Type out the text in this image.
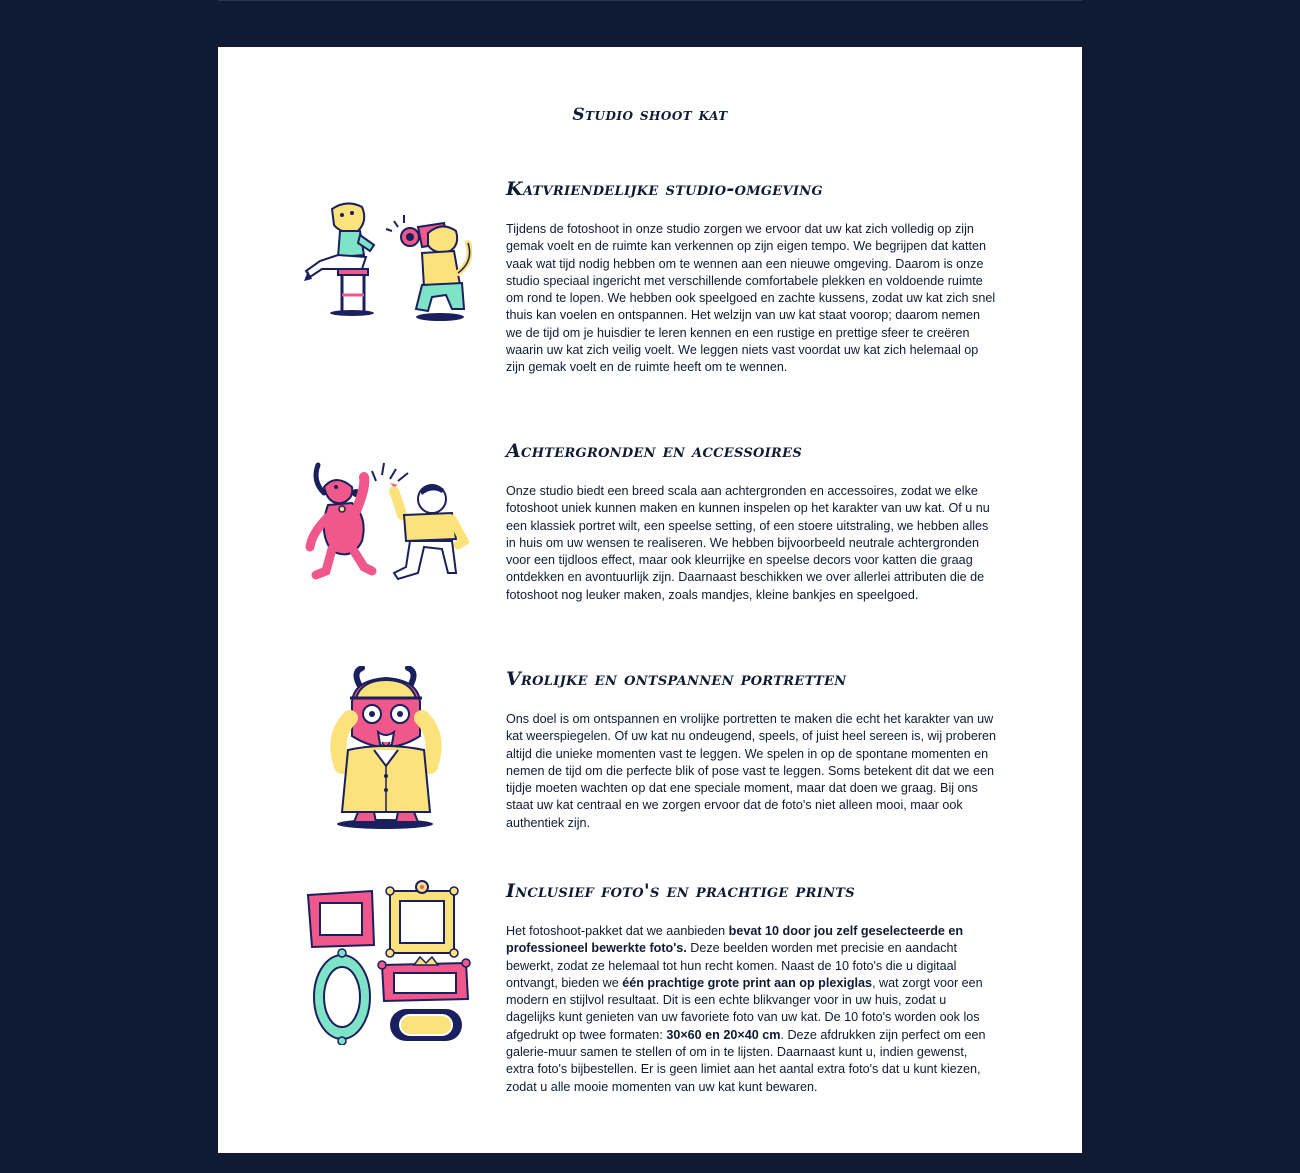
Studio shoot kat
Katvriendelijke studio-omgeving

Tijdens de fotoshoot in onze studio zorgen we ervoor dat uw kat zich volledig op zijn gemak voelt en de ruimte kan verkennen op zijn eigen tempo. We begrijpen dat katten vaak wat tijd nodig hebben om te wennen aan een nieuwe omgeving. Daarom is onze studio speciaal ingericht met verschillende comfortabele plekken en voldoende ruimte om rond te lopen. We hebben ook speelgoed en zachte kussens, zodat uw kat zich snel thuis kan voelen en ontspannen. Het welzijn van uw kat staat voorop; daarom nemen we de tijd om je huisdier te leren kennen en een rustige en prettige sfeer te creëren waarin uw kat zich veilig voelt. We leggen niets vast voordat uw kat zich helemaal op zijn gemak voelt en de ruimte heeft om te wennen.

Achtergronden en accessoires

Onze studio biedt een breed scala aan achtergronden en accessoires, zodat we elke fotoshoot uniek kunnen maken en kunnen inspelen op het karakter van uw kat. Of u nu een klassiek portret wilt, een speelse setting, of een stoere uitstraling, we hebben alles in huis om uw wensen te realiseren. We hebben bijvoorbeeld neutrale achtergronden voor een tijdloos effect, maar ook kleurrijke en speelse decors voor katten die graag ontdekken en avontuurlijk zijn. Daarnaast beschikken we over allerlei attributen die de fotoshoot nog leuker maken, zoals mandjes, kleine bankjes en speelgoed.

Vrolijke en ontspannen portretten

Ons doel is om ontspannen en vrolijke portretten te maken die echt het karakter van uw kat weerspiegelen. Of uw kat nu ondeugend, speels, of juist heel sereen is, wij proberen altijd die unieke momenten vast te leggen. We spelen in op de spontane momenten en nemen de tijd om die perfecte blik of pose vast te leggen. Soms betekent dit dat we een tijdje moeten wachten op dat ene speciale moment, maar dat doen we graag. Bij ons staat uw kat centraal en we zorgen ervoor dat de foto's niet alleen mooi, maar ook authentiek zijn.

Inclusief foto's en prachtige prints

Het fotoshoot-pakket dat we aanbieden bevat 10 door jou zelf geselecteerde en professioneel bewerkte foto's. Deze beelden worden met precisie en aandacht bewerkt, zodat ze helemaal tot hun recht komen. Naast de 10 foto's die u digitaal ontvangt, bieden we één prachtige grote print aan op plexiglas, wat zorgt voor een modern en stijlvol resultaat. Dit is een echte blikvanger voor in uw huis, zodat u dagelijks kunt genieten van uw favoriete foto van uw kat. De 10 foto's worden ook los afgedrukt op twee formaten: 30×60 en 20×40 cm. Deze afdrukken zijn perfect om een galerie-muur samen te stellen of om in te lijsten. Daarnaast kunt u, indien gewenst, extra foto's bijbestellen. Er is geen limiet aan het aantal extra foto's dat u kunt kiezen, zodat u alle mooie momenten van uw kat kunt bewaren.
